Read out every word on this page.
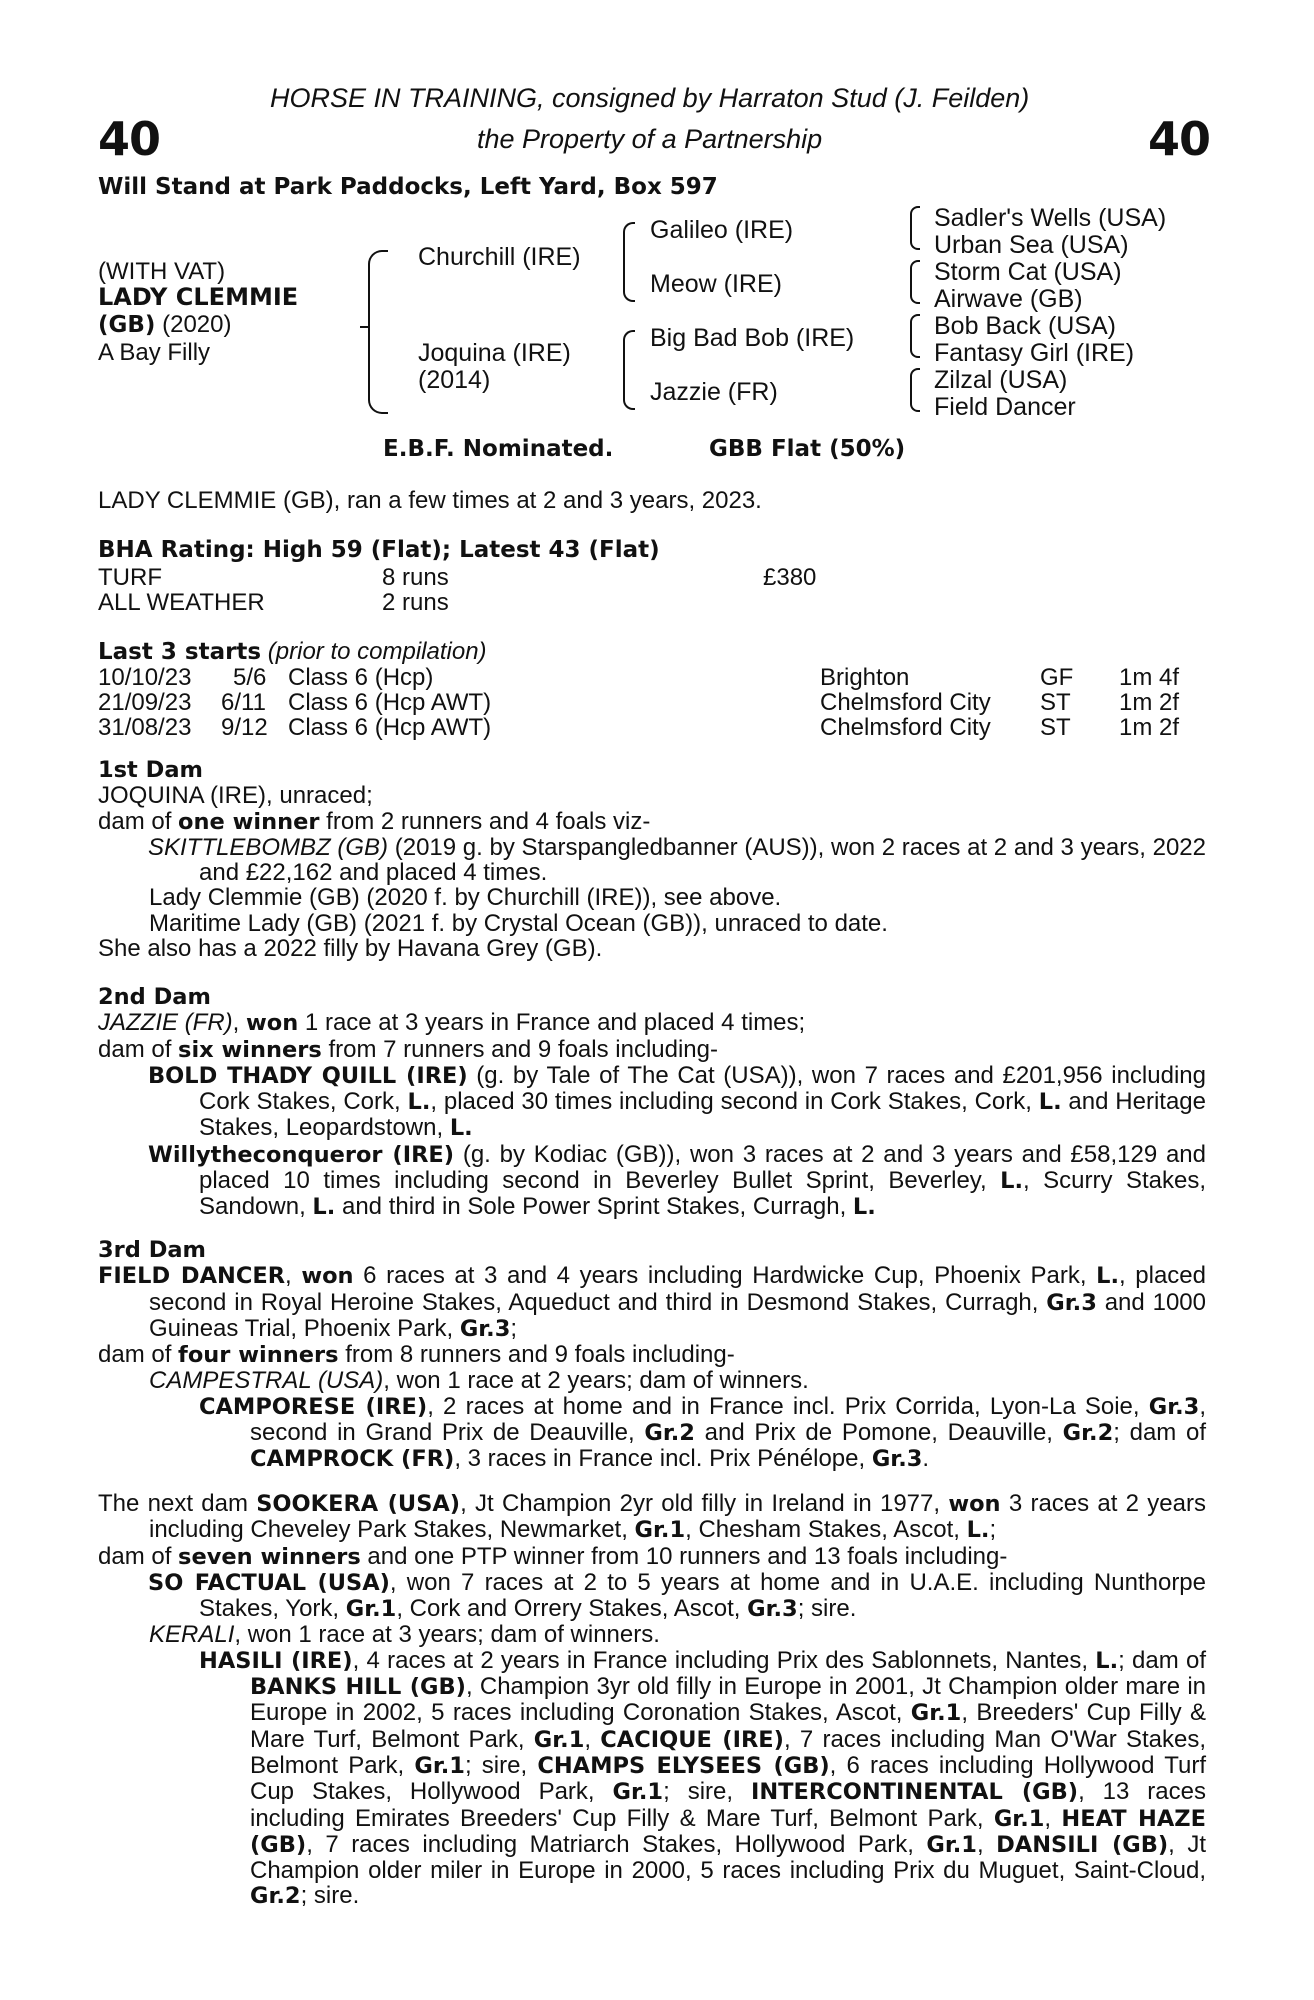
40	40
HORSE IN TRAINING, consigned by Harraton Stud (J. Feilden)
the Property of a Partnership
Will Stand at Park Paddocks, Left Yard, Box 597
(WITH VAT)
LADY CLEMMIE
(GB) (2020)
A Bay Filly
Churchill (IRE)
Joquina (IRE)
(2014)
Galileo (IRE)
Meow (IRE)
Big Bad Bob (IRE)
Jazzie (FR)
Sadler's Wells (USA)
Urban Sea (USA)
Storm Cat (USA)
Airwave (GB)
Bob Back (USA)
Fantasy Girl (IRE)
Zilzal (USA)
Field Dancer
E.B.F. Nominated.	GBB Flat (50%)
LADY CLEMMIE (GB), ran a few times at 2 and 3 years, 2023.
BHA Rating: High 59 (Flat); Latest 43 (Flat)
TURF	8 runs	£380
ALL WEATHER	2 runs
Last 3 starts (prior to compilation)
10/10/23 5/6 Class 6 (Hcp)	Brighton	GF 1m 4f
21/09/23 6/11 Class 6 (Hcp AWT)	Chelmsford City ST 1m 2f
31/08/23 9/12 Class 6 (Hcp AWT)	Chelmsford City ST 1m 2f

1st Dam

JOQUINA (IRE), unraced;

dam of one winner from 2 runners and 4 foals viz-

SKITTLEBOMBZ (GB) (2019 g. by Starspangledbanner (AUS)), won 2 races at 2 and 3 years, 2022 and £22,162 and placed 4 times.

Lady Clemmie (GB) (2020 f. by Churchill (IRE)), see above.

Maritime Lady (GB) (2021 f. by Crystal Ocean (GB)), unraced to date.

She also has a 2022 filly by Havana Grey (GB).

2nd Dam

JAZZIE (FR), won 1 race at 3 years in France and placed 4 times;

dam of six winners from 7 runners and 9 foals including-

BOLD THADY QUILL (IRE) (g. by Tale of The Cat (USA)), won 7 races and £201,956 including Cork Stakes, Cork, L., placed 30 times including second in Cork Stakes, Cork, L. and Heritage Stakes, Leopardstown, L.

Willytheconqueror (IRE) (g. by Kodiac (GB)), won 3 races at 2 and 3 years and £58,129 and placed 10 times including second in Beverley Bullet Sprint, Beverley, L., Scurry Stakes, Sandown, L. and third in Sole Power Sprint Stakes, Curragh, L.

3rd Dam

FIELD DANCER, won 6 races at 3 and 4 years including Hardwicke Cup, Phoenix Park, L., placed second in Royal Heroine Stakes, Aqueduct and third in Desmond Stakes, Curragh, Gr.3 and 1000 Guineas Trial, Phoenix Park, Gr.3;

dam of four winners from 8 runners and 9 foals including-

CAMPESTRAL (USA), won 1 race at 2 years; dam of winners.

CAMPORESE (IRE), 2 races at home and in France incl. Prix Corrida, Lyon-La Soie, Gr.3, second in Grand Prix de Deauville, Gr.2 and Prix de Pomone, Deauville, Gr.2; dam of CAMPROCK (FR), 3 races in France incl. Prix Pénélope, Gr.3.

The next dam SOOKERA (USA), Jt Champion 2yr old filly in Ireland in 1977, won 3 races at 2 years including Cheveley Park Stakes, Newmarket, Gr.1, Chesham Stakes, Ascot, L.;

dam of seven winners and one PTP winner from 10 runners and 13 foals including-

SO FACTUAL (USA), won 7 races at 2 to 5 years at home and in U.A.E. including Nunthorpe Stakes, York, Gr.1, Cork and Orrery Stakes, Ascot, Gr.3; sire.

KERALI, won 1 race at 3 years; dam of winners.

HASILI (IRE), 4 races at 2 years in France including Prix des Sablonnets, Nantes, L.; dam of BANKS HILL (GB), Champion 3yr old filly in Europe in 2001, Jt Champion older mare in Europe in 2002, 5 races including Coronation Stakes, Ascot, Gr.1, Breeders' Cup Filly & Mare Turf, Belmont Park, Gr.1, CACIQUE (IRE), 7 races including Man O'War Stakes, Belmont Park, Gr.1; sire, CHAMPS ELYSEES (GB), 6 races including Hollywood Turf Cup Stakes, Hollywood Park, Gr.1; sire, INTERCONTINENTAL (GB), 13 races including Emirates Breeders' Cup Filly & Mare Turf, Belmont Park, Gr.1, HEAT HAZE (GB), 7 races including Matriarch Stakes, Hollywood Park, Gr.1, DANSILI (GB), Jt Champion older miler in Europe in 2000, 5 races including Prix du Muguet, Saint-Cloud, Gr.2; sire.
